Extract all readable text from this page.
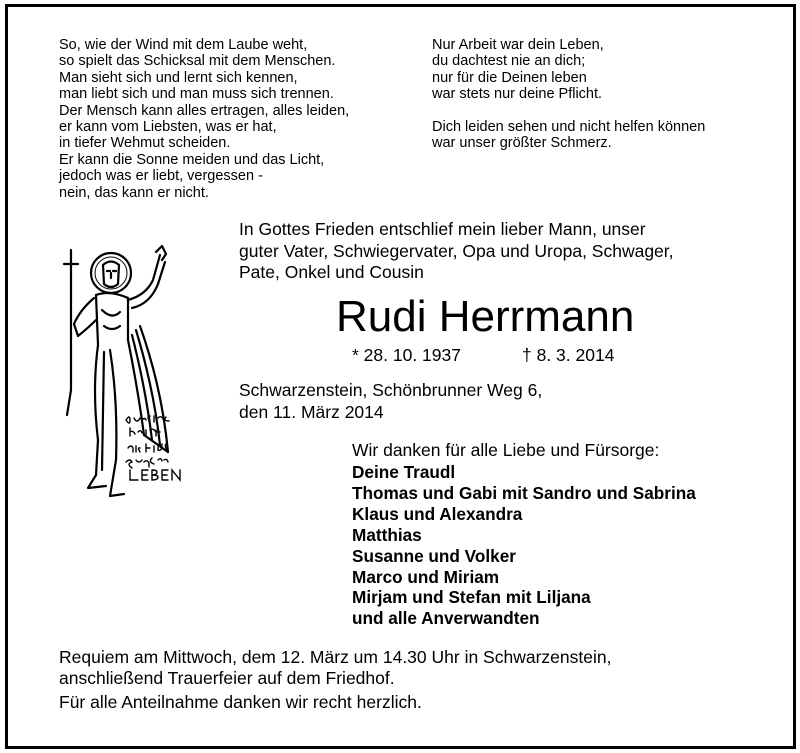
So, wie der Wind mit dem Laube weht,
so spielt das Schicksal mit dem Menschen.
Man sieht sich und lernt sich kennen,
man liebt sich und man muss sich trennen.
Der Mensch kann alles ertragen, alles leiden,
er kann vom Liebsten, was er hat,
in tiefer Wehmut scheiden.
Er kann die Sonne meiden und das Licht,
jedoch was er liebt, vergessen -
nein, das kann er nicht.
Nur Arbeit war dein Leben,
du dachtest nie an dich;
nur für die Deinen leben
war stets nur deine Pflicht.

Dich leiden sehen und nicht helfen können
war unser größter Schmerz.
In Gottes Frieden entschlief mein lieber Mann, unser
guter Vater, Schwiegervater, Opa und Uropa, Schwager,
Pate, Onkel und Cousin
Rudi Herrmann
* 28. 10. 1937	† 8. 3. 2014
Schwarzenstein, Schönbrunner Weg 6,
den 11. März 2014
Wir danken für alle Liebe und Fürsorge:
Deine Traudl
Thomas und Gabi mit Sandro und Sabrina
Klaus und Alexandra
Matthias
Susanne und Volker
Marco und Miriam
Mirjam und Stefan mit Liljana
und alle Anverwandten
Requiem am Mittwoch, dem 12. März um 14.30 Uhr in Schwarzenstein,
anschließend Trauerfeier auf dem Friedhof.
Für alle Anteilnahme danken wir recht herzlich.
